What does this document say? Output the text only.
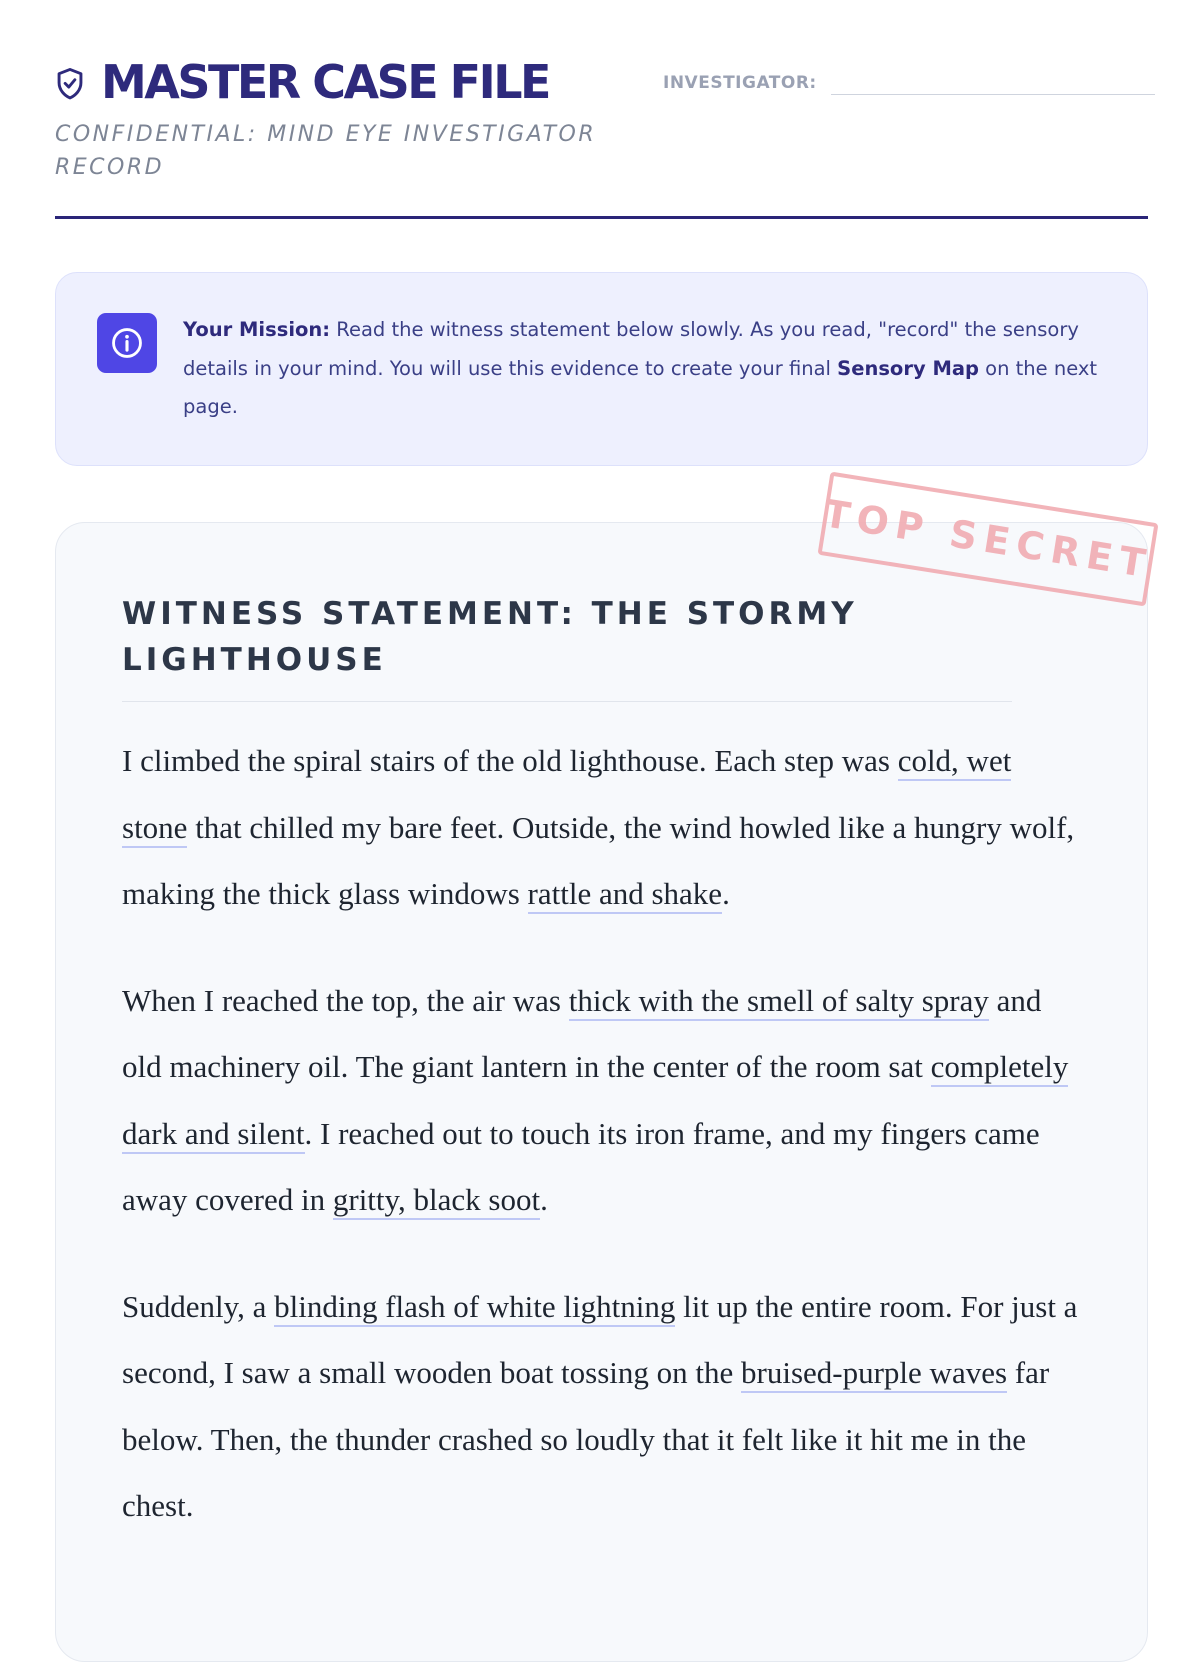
MASTER CASE FILE
CONFIDENTIAL: MIND EYE INVESTIGATOR RECORD
INVESTIGATOR:
Your Mission: Read the witness statement below slowly. As you read, "record" the sensory details in your mind. You will use this evidence to create your final Sensory Map on the next page.
WITNESS STATEMENT: THE STORMY LIGHTHOUSE

I climbed the spiral stairs of the old lighthouse. Each step was cold, wet stone that chilled my bare feet. Outside, the wind howled like a hungry wolf, making the thick glass windows rattle and shake.

When I reached the top, the air was thick with the smell of salty spray and old machinery oil. The giant lantern in the center of the room sat completely dark and silent. I reached out to touch its iron frame, and my fingers came away covered in gritty, black soot.

Suddenly, a blinding flash of white lightning lit up the entire room. For just a second, I saw a small wooden boat tossing on the bruised-purple waves far below. Then, the thunder crashed so loudly that it felt like it hit me in the chest.

TOP SECRET
